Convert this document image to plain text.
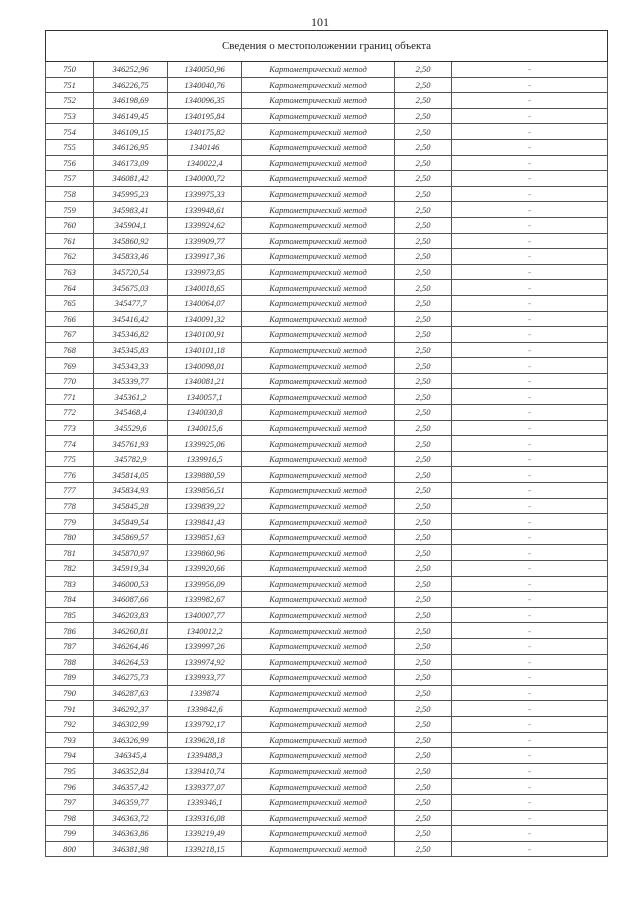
101
Сведения о местоположении границ объекта					
750	346252,96	1340050,96	Картометрический метод	2,50	-
751	346226,75	1340040,76	Картометрический метод	2,50	-
752	346198,69	1340096,35	Картометрический метод	2,50	-
753	346149,45	1340195,84	Картометрический метод	2,50	-
754	346109,15	1340175,82	Картометрический метод	2,50	-
755	346126,95	1340146	Картометрический метод	2,50	-
756	346173,09	1340022,4	Картометрический метод	2,50	-
757	346081,42	1340000,72	Картометрический метод	2,50	-
758	345995,23	1339975,33	Картометрический метод	2,50	-
759	345983,41	1339948,61	Картометрический метод	2,50	-
760	345904,1	1339924,62	Картометрический метод	2,50	-
761	345860,92	1339909,77	Картометрический метод	2,50	-
762	345833,46	1339917,36	Картометрический метод	2,50	-
763	345720,54	1339973,85	Картометрический метод	2,50	-
764	345675,03	1340018,65	Картометрический метод	2,50	-
765	345477,7	1340064,07	Картометрический метод	2,50	-
766	345416,42	1340091,32	Картометрический метод	2,50	-
767	345346,82	1340100,91	Картометрический метод	2,50	-
768	345345,83	1340101,18	Картометрический метод	2,50	-
769	345343,33	1340098,01	Картометрический метод	2,50	-
770	345339,77	1340081,21	Картометрический метод	2,50	-
771	345361,2	1340057,1	Картометрический метод	2,50	-
772	345468,4	1340030,8	Картометрический метод	2,50	-
773	345529,6	1340015,6	Картометрический метод	2,50	-
774	345761,93	1339925,06	Картометрический метод	2,50	-
775	345782,9	1339916,5	Картометрический метод	2,50	-
776	345814,05	1339880,59	Картометрический метод	2,50	-
777	345834,93	1339856,51	Картометрический метод	2,50	-
778	345845,28	1339839,22	Картометрический метод	2,50	-
779	345849,54	1339841,43	Картометрический метод	2,50	-
780	345869,57	1339851,63	Картометрический метод	2,50	-
781	345870,97	1339860,96	Картометрический метод	2,50	-
782	345919,34	1339920,66	Картометрический метод	2,50	-
783	346000,53	1339956,09	Картометрический метод	2,50	-
784	346087,66	1339982,67	Картометрический метод	2,50	-
785	346203,83	1340007,77	Картометрический метод	2,50	-
786	346260,81	1340012,2	Картометрический метод	2,50	-
787	346264,46	1339997,26	Картометрический метод	2,50	-
788	346264,53	1339974,92	Картометрический метод	2,50	-
789	346275,73	1339933,77	Картометрический метод	2,50	-
790	346287,63	1339874	Картометрический метод	2,50	-
791	346292,37	1339842,6	Картометрический метод	2,50	-
792	346302,99	1339792,17	Картометрический метод	2,50	-
793	346326,99	1339628,18	Картометрический метод	2,50	-
794	346345,4	1339488,3	Картометрический метод	2,50	-
795	346352,84	1339410,74	Картометрический метод	2,50	-
796	346357,42	1339377,07	Картометрический метод	2,50	-
797	346359,77	1339346,1	Картометрический метод	2,50	-
798	346363,72	1339316,08	Картометрический метод	2,50	-
799	346363,86	1339219,49	Картометрический метод	2,50	-
800	346381,98	1339218,15	Картометрический метод	2,50	-
